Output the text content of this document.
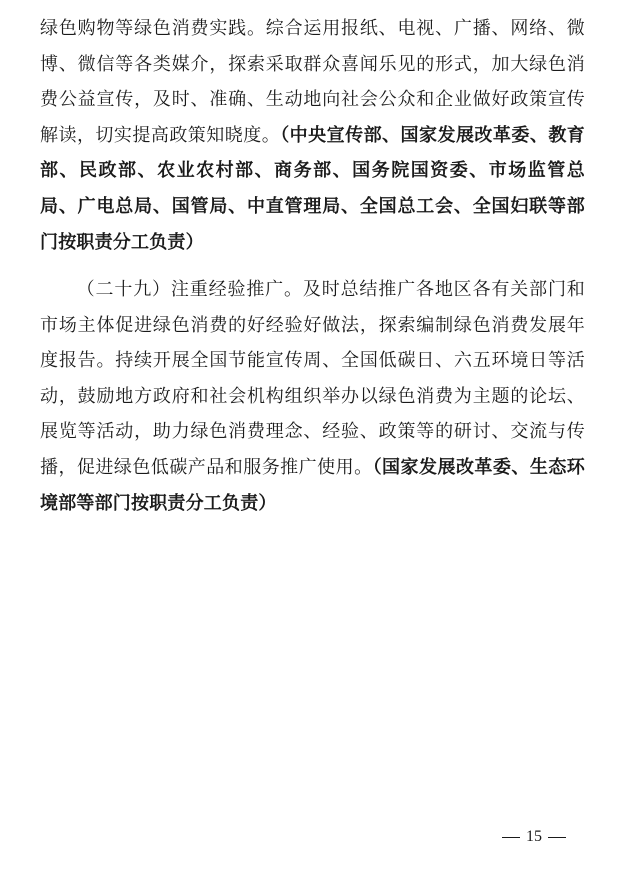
绿色购物等绿色消费实践。综合运用报纸、电视、广播、网络、微博、微信等各类媒介，探索采取群众喜闻乐见的形式，加大绿色消费公益宣传，及时、准确、生动地向社会公众和企业做好政策宣传解读，切实提高政策知晓度。（中央宣传部、国家发展改革委、教育部、民政部、农业农村部、商务部、国务院国资委、市场监管总局、广电总局、国管局、中直管理局、全国总工会、全国妇联等部门按职责分工负责）
（二十九）注重经验推广。及时总结推广各地区各有关部门和市场主体促进绿色消费的好经验好做法，探索编制绿色消费发展年度报告。持续开展全国节能宣传周、全国低碳日、六五环境日等活动，鼓励地方政府和社会机构组织举办以绿色消费为主题的论坛、展览等活动，助力绿色消费理念、经验、政策等的研讨、交流与传播，促进绿色低碳产品和服务推广使用。（国家发展改革委、生态环境部等部门按职责分工负责）
15
